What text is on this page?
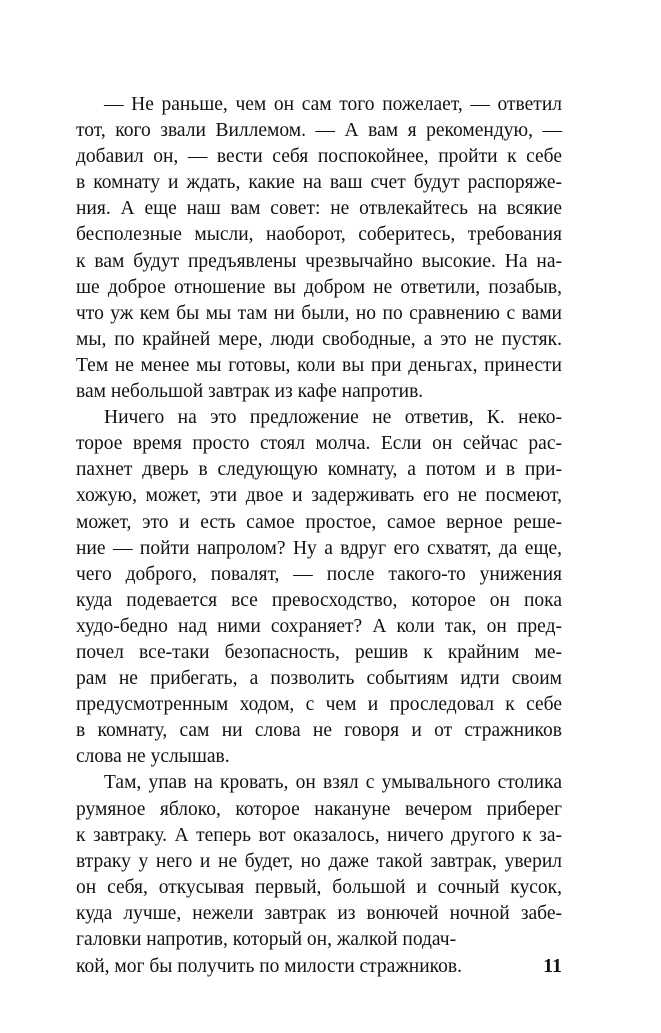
— Не раньше, чем он сам того пожелает, — ответил
тот, кого звали Виллемом. — А вам я рекомендую, —
добавил он, — вести себя поспокойнее, пройти к себе
в комнату и ждать, какие на ваш счет будут распоряже-
ния. А еще наш вам совет: не отвлекайтесь на всякие
бесполезные мысли, наоборот, соберитесь, требования
к вам будут предъявлены чрезвычайно высокие. На на-
ше доброе отношение вы добром не ответили, позабыв,
что уж кем бы мы там ни были, но по сравнению с вами
мы, по крайней мере, люди свободные, а это не пустяк.
Тем не менее мы готовы, коли вы при деньгах, принести
вам небольшой завтрак из кафе напротив.
Ничего на это предложение не ответив, К. неко-
торое время просто стоял молча. Если он сейчас рас-
пахнет дверь в следующую комнату, а потом и в при-
хожую, может, эти двое и задерживать его не посмеют,
может, это и есть самое простое, самое верное реше-
ние — пойти напролом? Ну а вдруг его схватят, да еще,
чего доброго, повалят, — после такого-то унижения
куда подевается все превосходство, которое он пока
худо-бедно над ними сохраняет? А коли так, он пред-
почел все-таки безопасность, решив к крайним ме-
рам не прибегать, а позволить событиям идти своим
предусмотренным ходом, с чем и проследовал к себе
в комнату, сам ни слова не говоря и от стражников
слова не услышав.
Там, упав на кровать, он взял с умывального столика
румяное яблоко, которое накануне вечером приберег
к завтраку. А теперь вот оказалось, ничего другого к за-
втраку у него и не будет, но даже такой завтрак, уверил
он себя, откусывая первый, большой и сочный кусок,
куда лучше, нежели завтрак из вонючей ночной забе-
галовки напротив, который он, жалкой подач-
кой, мог бы получить по милости стражников.	11
